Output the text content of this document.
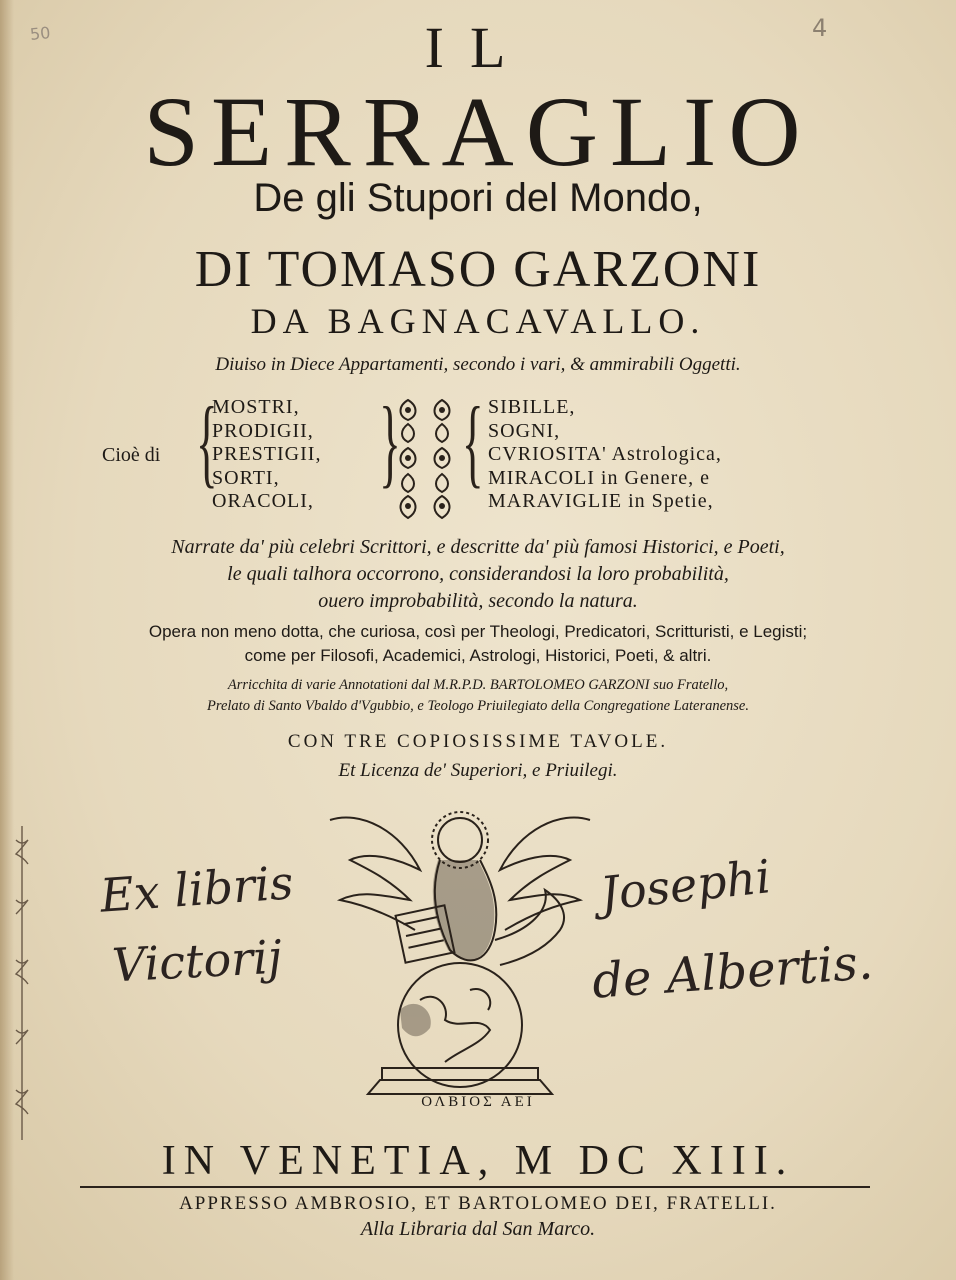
50	4
IL
SERRAGLIO
De gli Stupori del Mondo,
DI TOMASO GARZONI
DA BAGNACAVALLO.
Diuiso in Diece Appartamenti, secondo i vari, & ammirabili Oggetti.
Cioè di {
MOSTRI,
PRODIGII,
PRESTIGII,
SORTI,
ORACOLI,
{ { SIBILLE,
SOGNI,
CVRIOSITA' Astrologica,
MIRACOLI in Genere, e
MARAVIGLIE in Spetie,
Narrate da' più celebri Scrittori, e descritte da' più famosi Historici, e Poeti,
le quali talhora occorrono, considerandosi la loro probabilità,
ouero improbabilità, secondo la natura.
Opera non meno dotta, che curiosa, così per Theologi, Predicatori, Scritturisti, e Legisti;
come per Filosofi, Academici, Astrologi, Historici, Poeti, & altri.
Arricchita di varie Annotationi dal M.R.P.D. BARTOLOMEO GARZONI suo Fratello,
Prelato di Santo Vbaldo d'Vgubbio, e Teologo Priuilegiato della Congregatione Lateranense.
CON TRE COPIOSISSIME TAVOLE.
Et Licenza de' Superiori, e Priuilegi.
ΟΛΒΙΟΣ ΑΕΙ
Ex libris
Victorij
Josephi
de Albertis.
IN VENETIA, M DC XIII.
APPRESSO AMBROSIO, ET BARTOLOMEO DEI, FRATELLI.
Alla Libraria dal San Marco.
